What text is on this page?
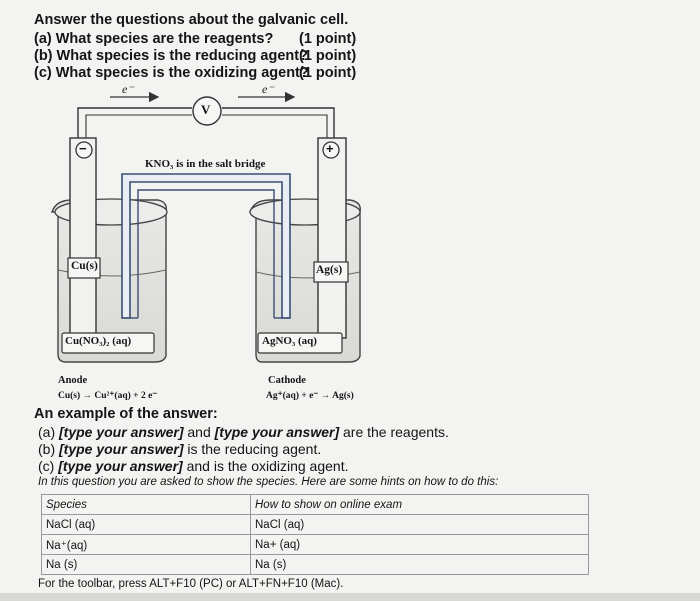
Answer the questions about the galvanic cell.
(a) What species are the reagents? (1 point)
(b) What species is the reducing agent?
(1 point)
(c) What species is the oxidizing agent?
(1 point)
e⁻	e⁻
V
−	+
KNO₃ is in the salt bridge
Cu(s)	Ag(s)
Cu(NO₃)₂ (aq)	AgNO₃ (aq)
Anode
Cu(s) → Cu²⁺(aq) + 2 e⁻
Cathode
Ag⁺(aq) + e⁻ → Ag(s)
An example of the answer:
(a) [type your answer] and [type your answer] are the reagents.
(b) [type your answer] is the reducing agent.
(c) [type your answer] and is the oxidizing agent.
In this question you are asked to show the species. Here are some hints on how to do this:
Species	How to show on online exam
NaCl (aq)	NaCl (aq)
Na⁺(aq)	Na+ (aq)
Na (s)	Na (s)
For the toolbar, press ALT+F10 (PC) or ALT+FN+F10 (Mac).
